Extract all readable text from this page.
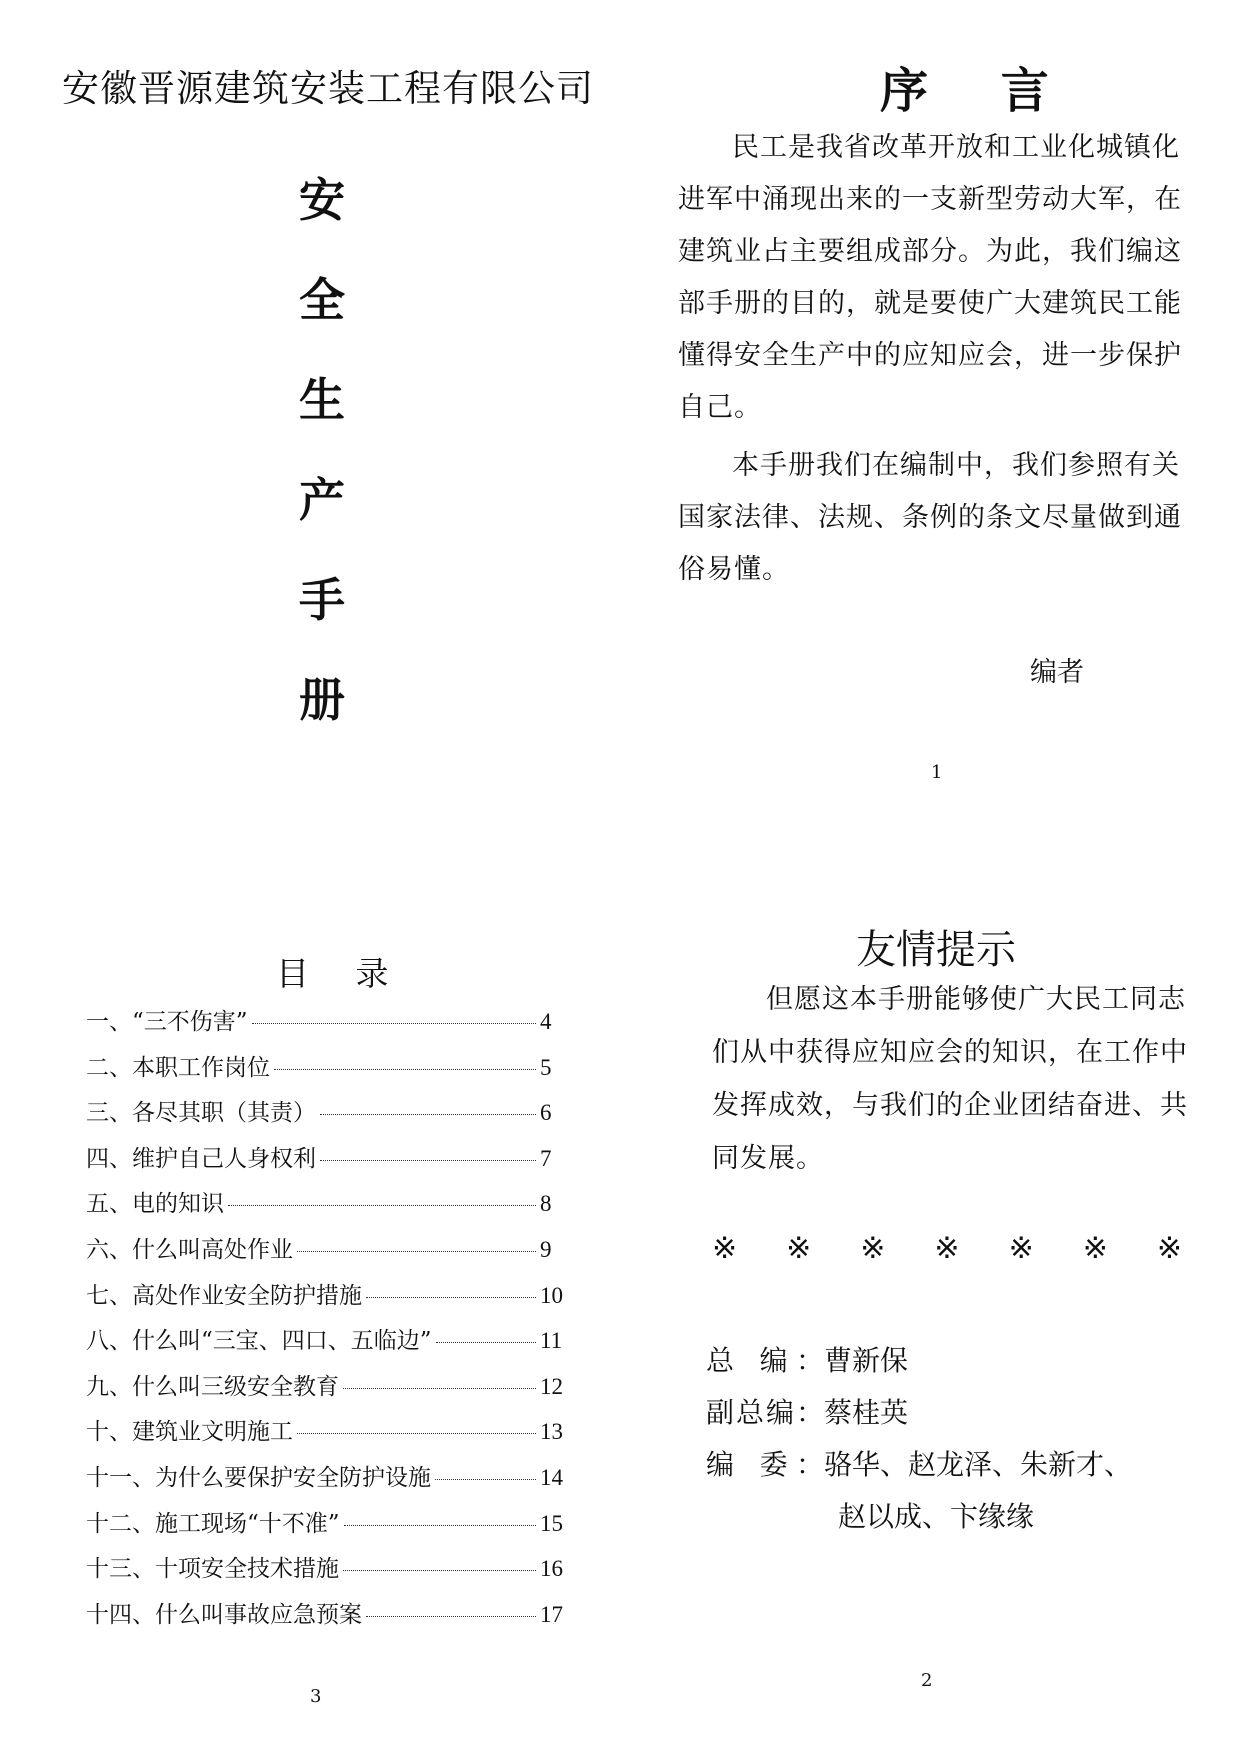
安徽晋源建筑安装工程有限公司
安
全
生
产
手
册
序 言

民工是我省改革开放和工业化城镇化进军中涌现出来的一支新型劳动大军，在建筑业占主要组成部分。为此，我们编这部手册的目的，就是要使广大建筑民工能懂得安全生产中的应知应会，进一步保护自己。

本手册我们在编制中，我们参照有关国家法律、法规、条例的条文尽量做到通俗易懂。

编者
1
目 录
一、“三不伤害”	4
二、本职工作岗位	5
三、各尽其职（其责）	6
四、维护自己人身权利	7
五、电的知识	8
六、什么叫高处作业	9
七、高处作业安全防护措施	10
八、什么叫“三宝、四口、五临边”	11
九、什么叫三级安全教育	12
十、建筑业文明施工	13
十一、为什么要保护安全防护设施	14
十二、施工现场“十不准”	15
十三、十项安全技术措施	16
十四、什么叫事故应急预案	17
3
友情提示

但愿这本手册能够使广大民工同志们从中获得应知应会的知识，在工作中发挥成效，与我们的企业团结奋进、共同发展。

※ ※ ※ ※ ※ ※ ※
总 编： 曹新保
副总编： 蔡桂英
编 委： 骆华、赵龙泽、朱新才、
赵以成、卞缘缘
2
